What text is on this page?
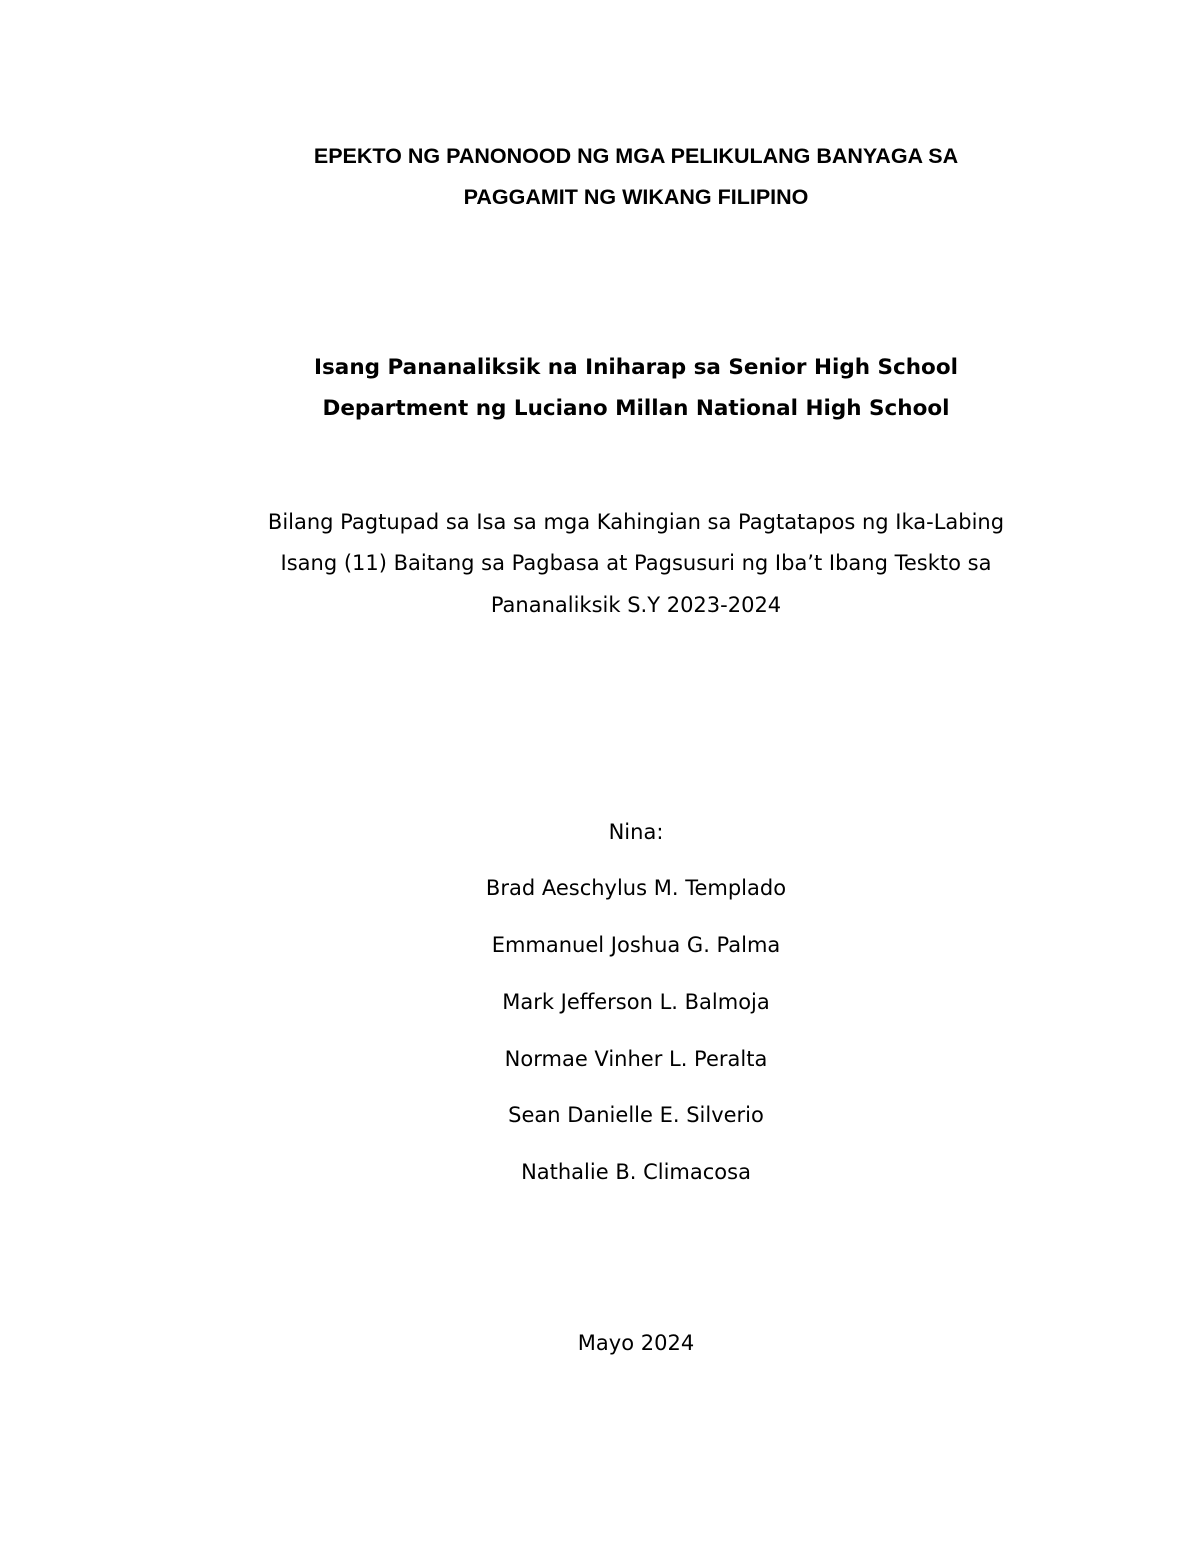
EPEKTO NG PANONOOD NG MGA PELIKULANG BANYAGA SA
PAGGAMIT NG WIKANG FILIPINO
Isang Pananaliksik na Iniharap sa Senior High School
Department ng Luciano Millan National High School
Bilang Pagtupad sa Isa sa mga Kahingian sa Pagtatapos ng Ika-Labing
Isang (11) Baitang sa Pagbasa at Pagsusuri ng Iba’t Ibang Teskto sa
Pananaliksik S.Y 2023-2024
Nina:
Brad Aeschylus M. Templado
Emmanuel Joshua G. Palma
Mark Jefferson L. Balmoja
Normae Vinher L. Peralta
Sean Danielle E. Silverio
Nathalie B. Climacosa
Mayo 2024
